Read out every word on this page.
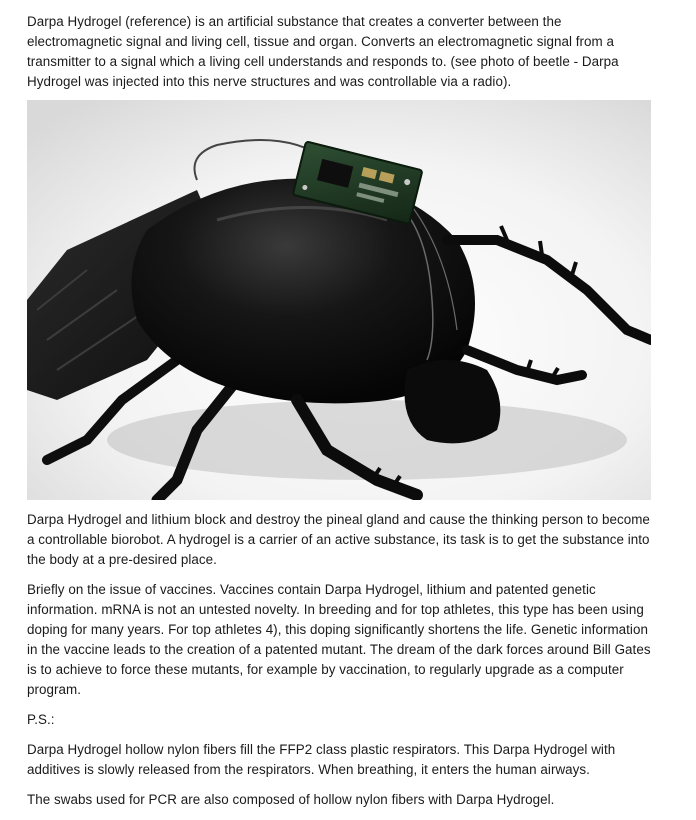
Darpa Hydrogel (reference) is an artificial substance that creates a converter between the electromagnetic signal and living cell, tissue and organ. Converts an electromagnetic signal from a transmitter to a signal which a living cell understands and responds to. (see photo of beetle - Darpa Hydrogel was injected into this nerve structures and was controllable via a radio).

Darpa Hydrogel and lithium block and destroy the pineal gland and cause the thinking person to become a controllable biorobot. A hydrogel is a carrier of an active substance, its task is to get the substance into the body at a pre-desired place.

Briefly on the issue of vaccines. Vaccines contain Darpa Hydrogel, lithium and patented genetic information. mRNA is not an untested novelty. In breeding and for top athletes, this type has been using doping for many years. For top athletes 4), this doping significantly shortens the life. Genetic information in the vaccine leads to the creation of a patented mutant. The dream of the dark forces around Bill Gates is to achieve to force these mutants, for example by vaccination, to regularly upgrade as a computer program.

P.S.:

Darpa Hydrogel hollow nylon fibers fill the FFP2 class plastic respirators. This Darpa Hydrogel with additives is slowly released from the respirators. When breathing, it enters the human airways.

The swabs used for PCR are also composed of hollow nylon fibers with Darpa Hydrogel.
